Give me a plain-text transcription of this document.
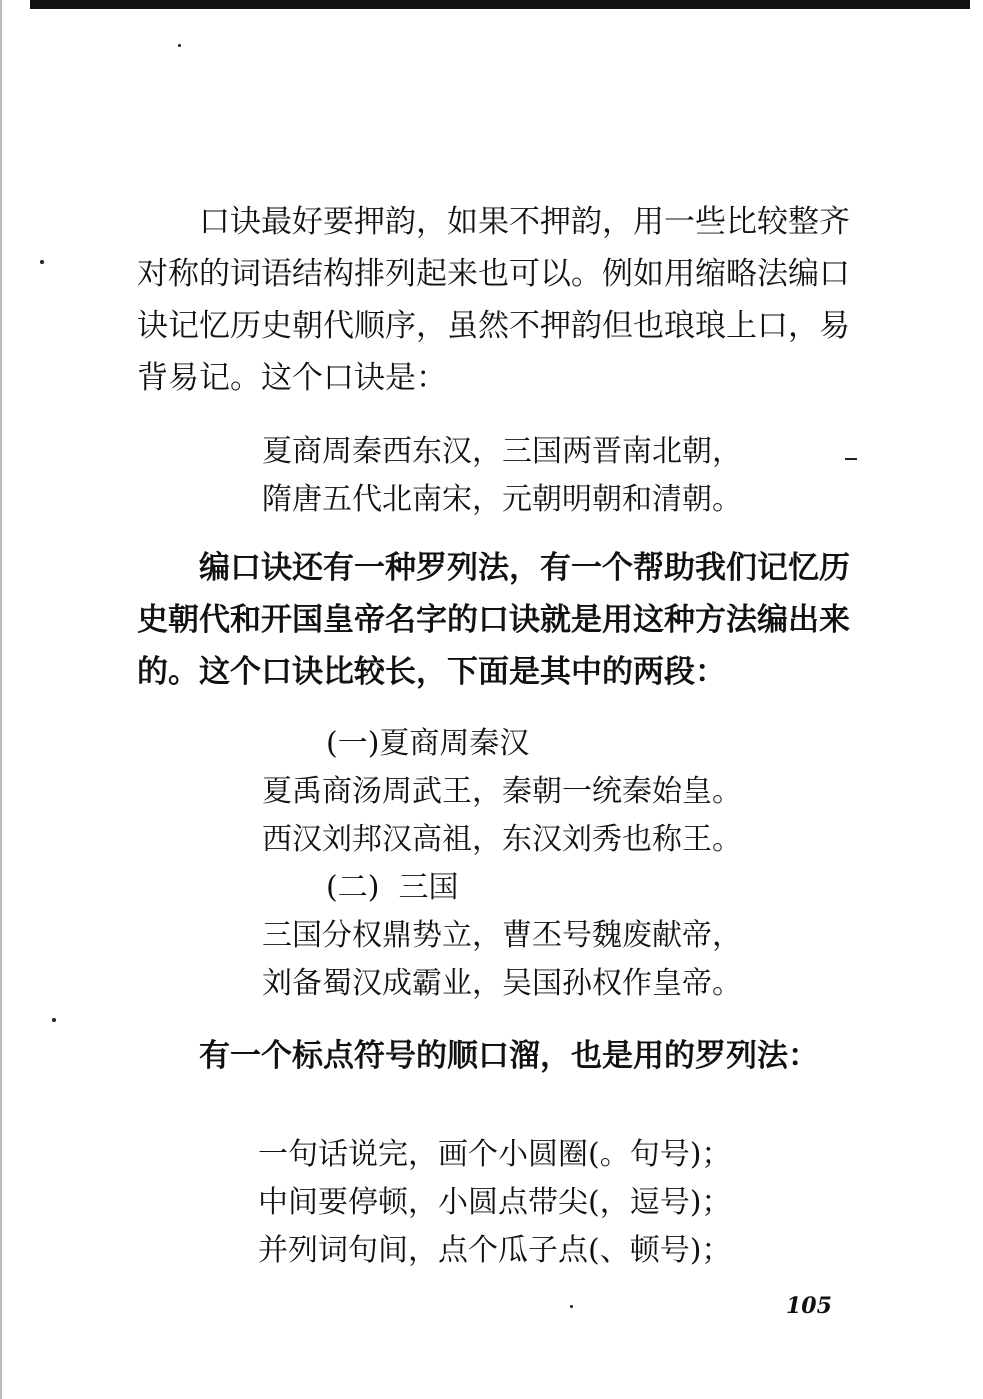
口诀最好要押韵，如果不押韵，用一些比较整齐对称的词语结构排列起来也可以。例如用缩略法编口诀记忆历史朝代顺序，虽然不押韵但也琅琅上口，易背易记。这个口诀是：

夏商周秦西东汉，三国两晋南北朝，
隋唐五代北南宋，元朝明朝和清朝。

编口诀还有一种罗列法，有一个帮助我们记忆历史朝代和开国皇帝名字的口诀就是用这种方法编出来的。这个口诀比较长，下面是其中的两段：

(一)夏商周秦汉
夏禹商汤周武王，秦朝一统秦始皇。
西汉刘邦汉高祖，东汉刘秀也称王。
(二)  三国
三国分权鼎势立，曹丕号魏废献帝，
刘备蜀汉成霸业，吴国孙权作皇帝。

有一个标点符号的顺口溜，也是用的罗列法：

一句话说完，画个小圆圈(。句号)；
中间要停顿，小圆点带尖(，逗号)；
并列词句间，点个瓜子点(、顿号)；
105
